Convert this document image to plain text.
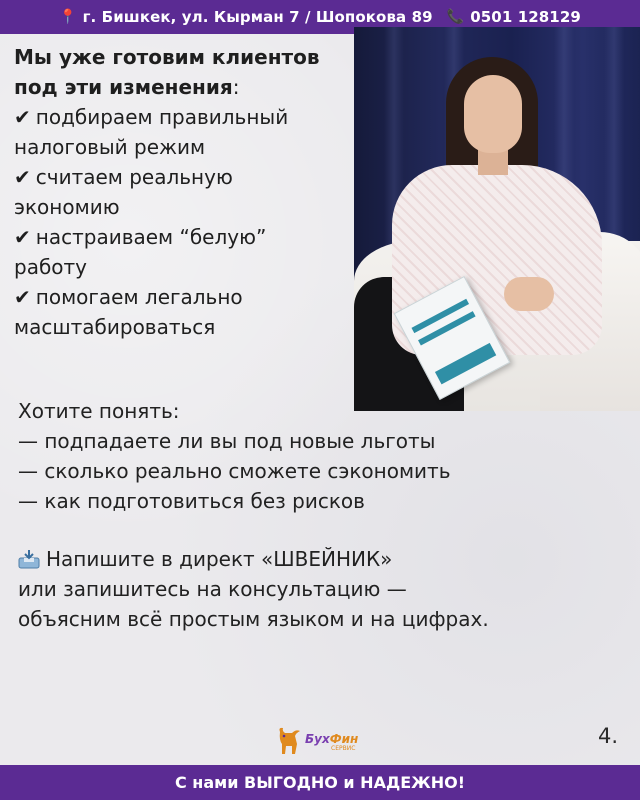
📍 г. Бишкек, ул. Кырман 7 / Шопокова 89 📞 0501 128129
Мы уже готовим клиентов под эти изменения:
✔ подбираем правильный налоговый режим
✔ считаем реальную экономию
✔ настраиваем “белую” работу
✔ помогаем легально масштабироваться
Хотите понять:
— подпадаете ли вы под новые льготы
— сколько реально сможете сэкономить
— как подготовиться без рисков
Напишите в директ «ШВЕЙНИК»
или запишитесь на консультацию —
объясним всё простым языком и на цифрах.
БухФин
СЕРВИС
4.
С нами ВЫГОДНО и НАДЕЖНО!
